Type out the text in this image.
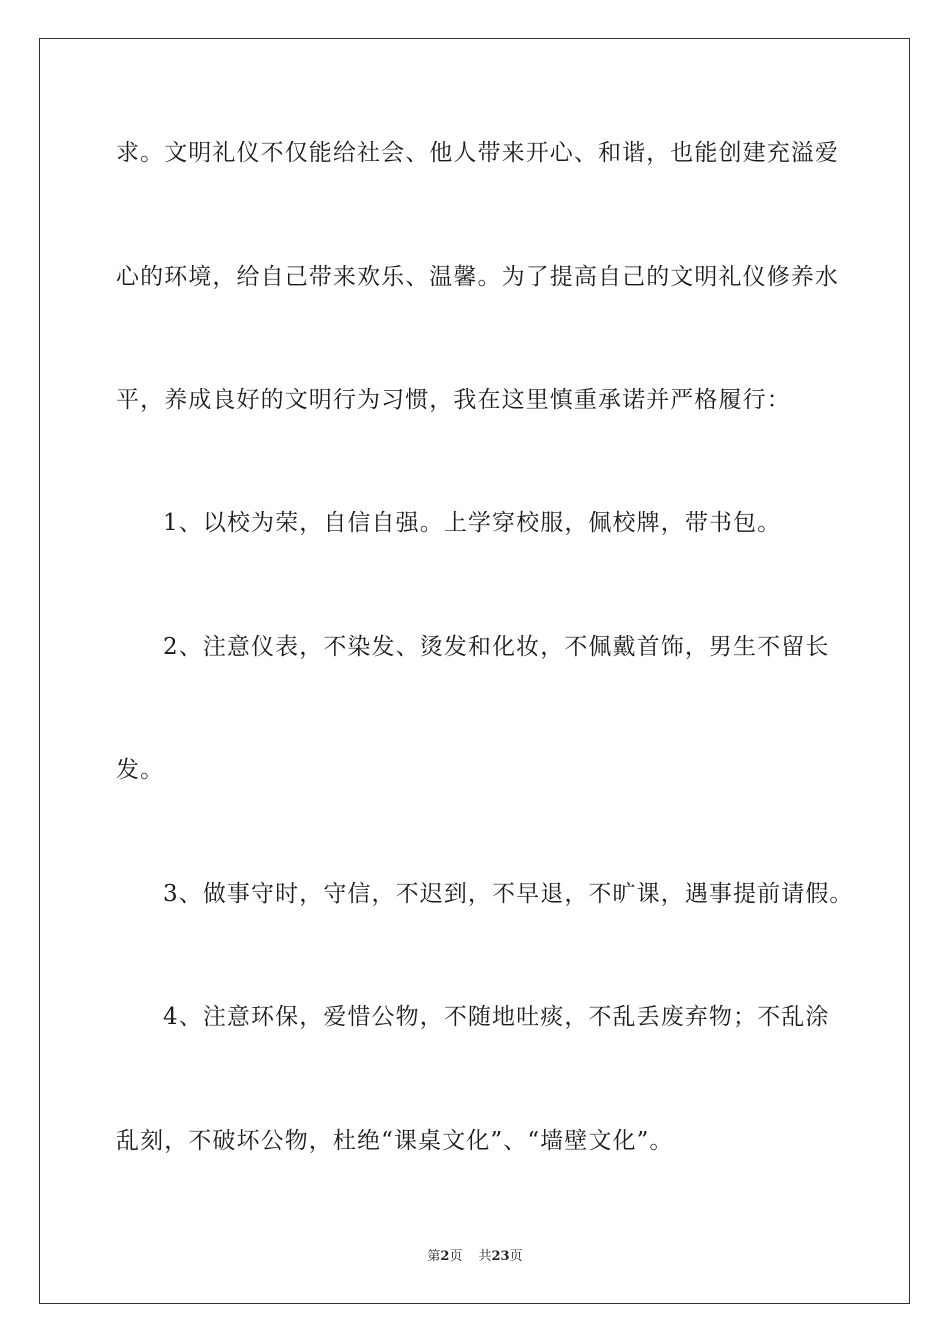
求。文明礼仪不仅能给社会、他人带来开心、和谐，也能创建充溢爱
心的环境，给自己带来欢乐、温馨。为了提高自己的文明礼仪修养水
平，养成良好的文明行为习惯，我在这里慎重承诺并严格履行：
1、以校为荣，自信自强。上学穿校服，佩校牌，带书包。
2、注意仪表，不染发、烫发和化妆，不佩戴首饰，男生不留长
发。
3、做事守时，守信，不迟到，不早退，不旷课，遇事提前请假。
4、注意环保，爱惜公物，不随地吐痰，不乱丢废弃物；不乱涂
乱刻，不破坏公物，杜绝“课桌文化”、“墙壁文化”。
第2页 共23页
